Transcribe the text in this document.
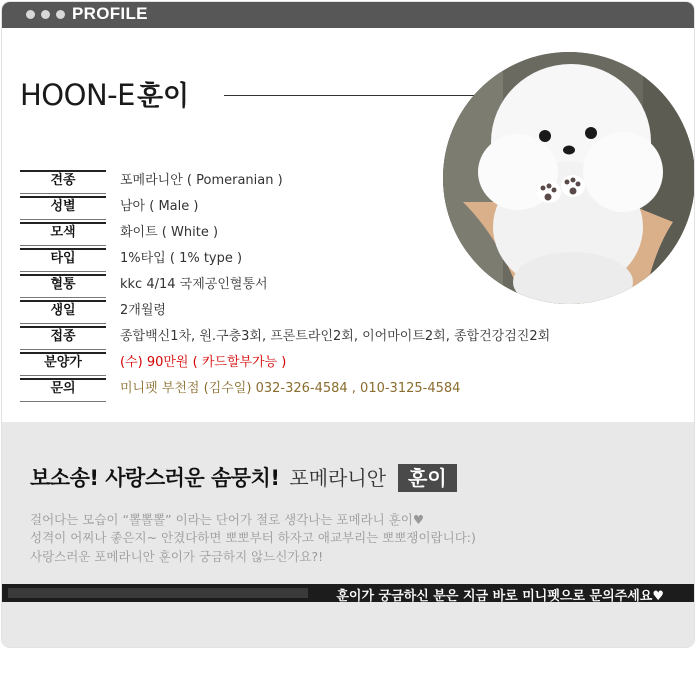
PROFILE
HOON-E훈이
견종	포메라니안 ( Pomeranian )
성별	남아 ( Male )
모색	화이트 ( White )
타입	1%타입 ( 1% type )
혈통	kkc 4/14 국제공인혈통서
생일	2개월령
접종	종합백신1차, 원.구충3회, 프론트라인2회, 이어마이트2회, 종합건강검진2회
분양가	(수) 90만원 ( 카드할부가능 )
문의	미니펫 부천점 (김수일) 032-326-4584 , 010-3125-4584
보소송! 사랑스러운 솜뭉치! 포메라니안 훈이
걸어다는 모습이 “뽈뽈뽈” 이라는 단어가 절로 생각나는 포메라니 훈이♥
성격이 어찌나 좋은지~ 안겼다하면 뽀뽀부터 하자고 애교부리는 뽀뽀쟁이랍니다:)
사랑스러운 포메라니안 훈이가 궁금하지 않느신가요?!
훈이가 궁금하신 분은 지금 바로 미니펫으로 문의주세요♥
